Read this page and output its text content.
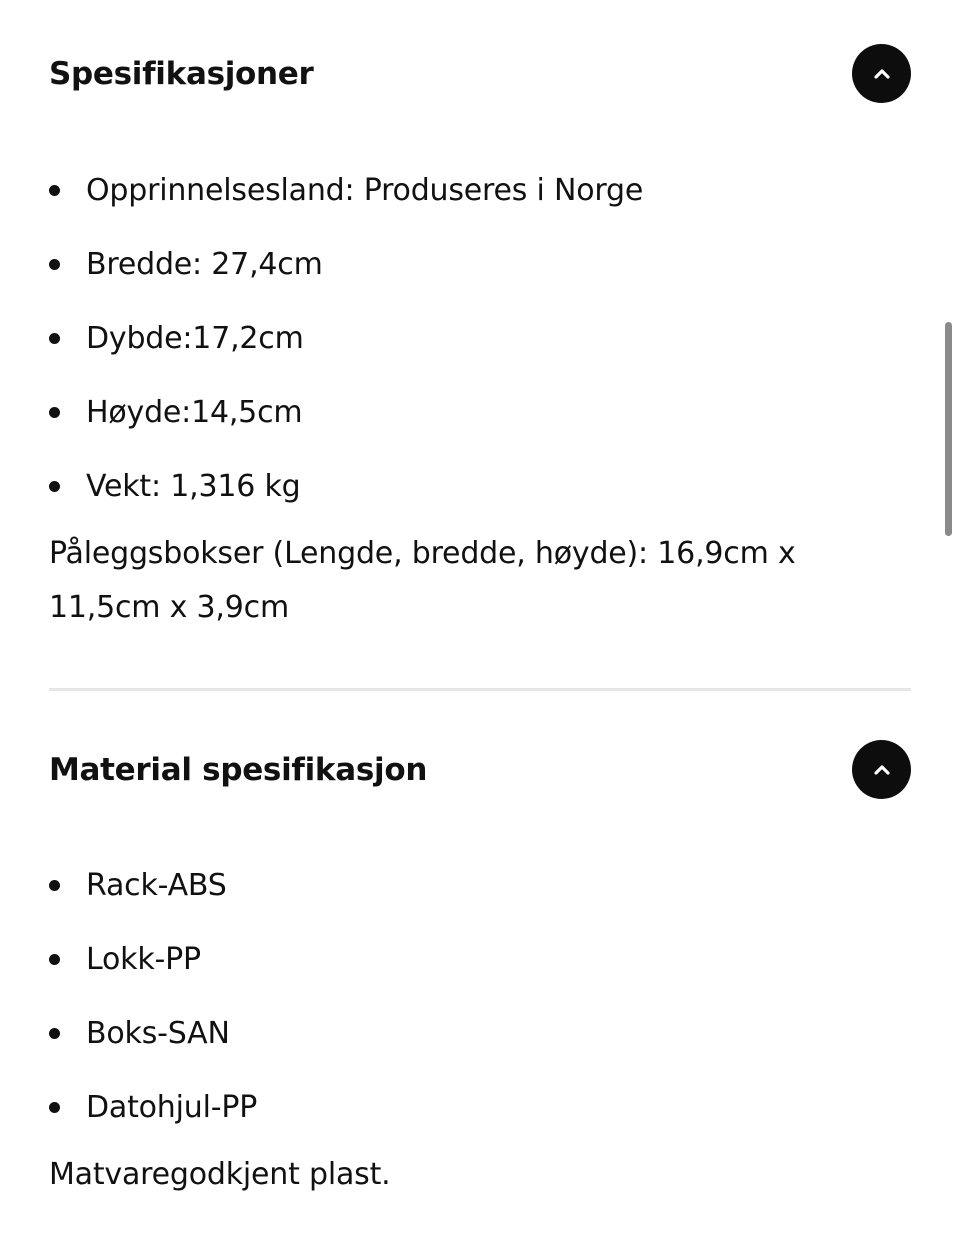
Spesifikasjoner
Opprinnelsesland: Produseres i Norge
Bredde: 27,4cm
Dybde:17,2cm
Høyde:14,5cm
Vekt: 1,316 kg

Påleggsbokser (Lengde, bredde, høyde): 16,9cm x

11,5cm x 3,9cm

Material spesifikasjon
Rack-ABS
Lokk-PP
Boks-SAN
Datohjul-PP

Matvaregodkjent plast.
